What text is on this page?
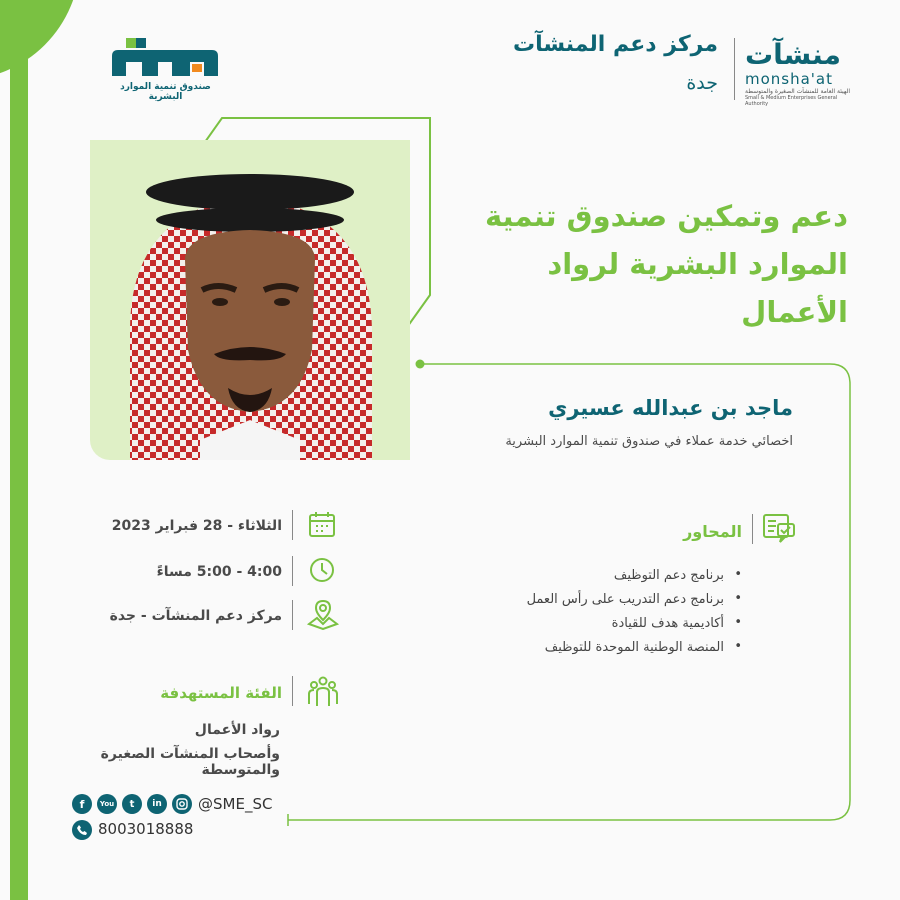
صندوق تنمية الموارد البشرية
منشآت
monsha'at
الهيئة العامة للمنشآت الصغيرة والمتوسطة
Small & Medium Enterprises General Authority
مركز دعم المنشآت
جدة
دعم وتمكين صندوق تنمية
الموارد البشرية لرواد الأعمال
ماجد بن عبدالله عسيري
اخصائي خدمة عملاء في صندوق تنمية الموارد البشرية
الثلاثاء - 28 فبراير 2023
4:00 - 5:00 مساءً
مركز دعم المنشآت - جدة
الفئة المستهدفة
رواد الأعمال
وأصحاب المنشآت الصغيرة والمتوسطة
المحاور
• برنامج دعم التوظيف
• برنامج دعم التدريب على رأس العمل
• أكاديمية هدف للقيادة
• المنصة الوطنية الموحدة للتوظيف
f	You	t	in	@SME_SC
8003018888
